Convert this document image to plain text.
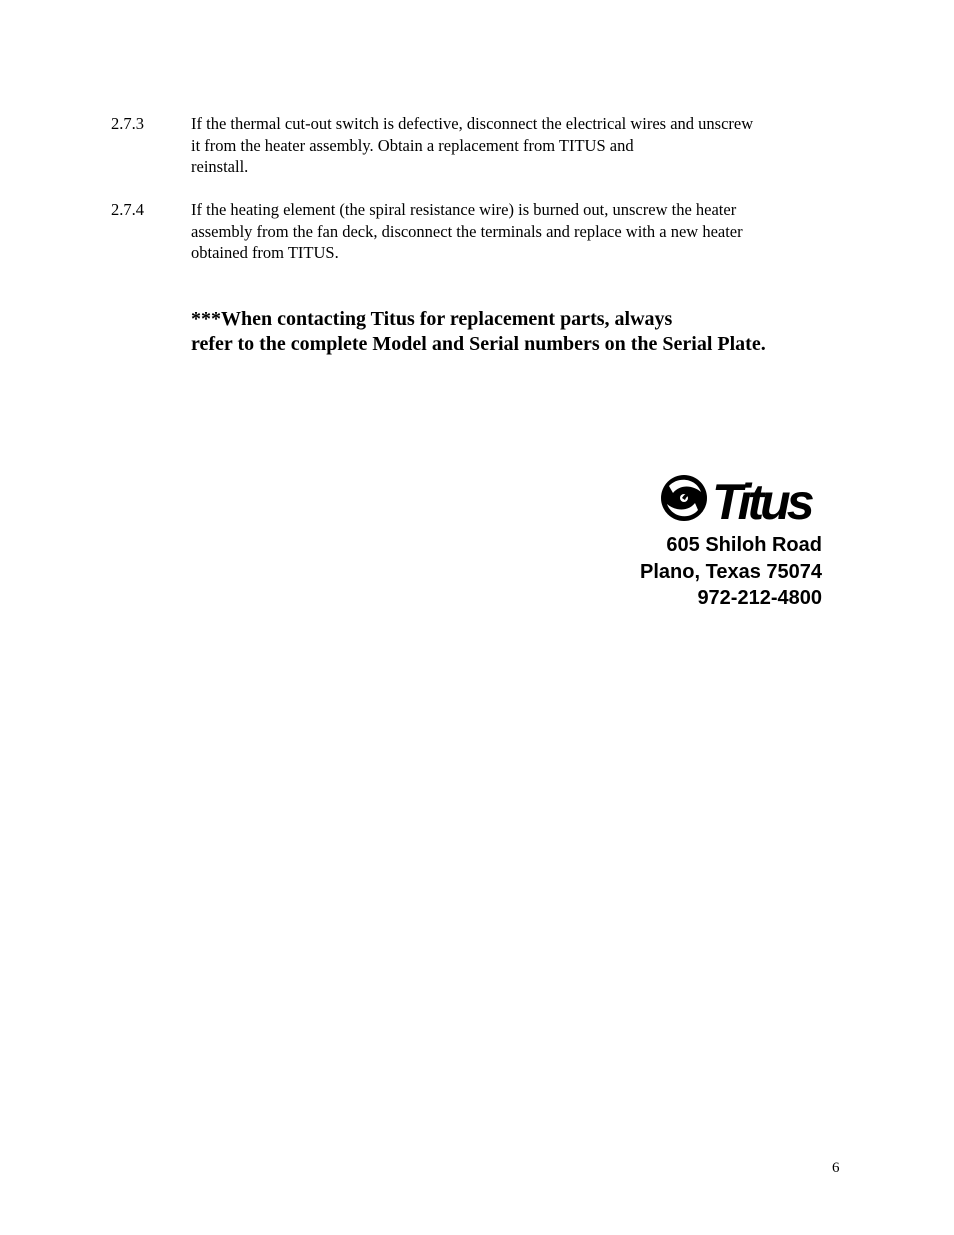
2.7.3	If the thermal cut-out switch is defective, disconnect the electrical wires and unscrew
it from the heater assembly. Obtain a replacement from TITUS and
reinstall.
2.7.4	If the heating element (the spiral resistance wire) is burned out, unscrew the heater
assembly from the fan deck, disconnect the terminals and replace with a new heater
obtained from TITUS.
***When contacting Titus for replacement parts, always
refer to the complete Model and Serial numbers on the Serial Plate.
Titus
605 Shiloh Road
Plano, Texas 75074
972-212-4800
6
